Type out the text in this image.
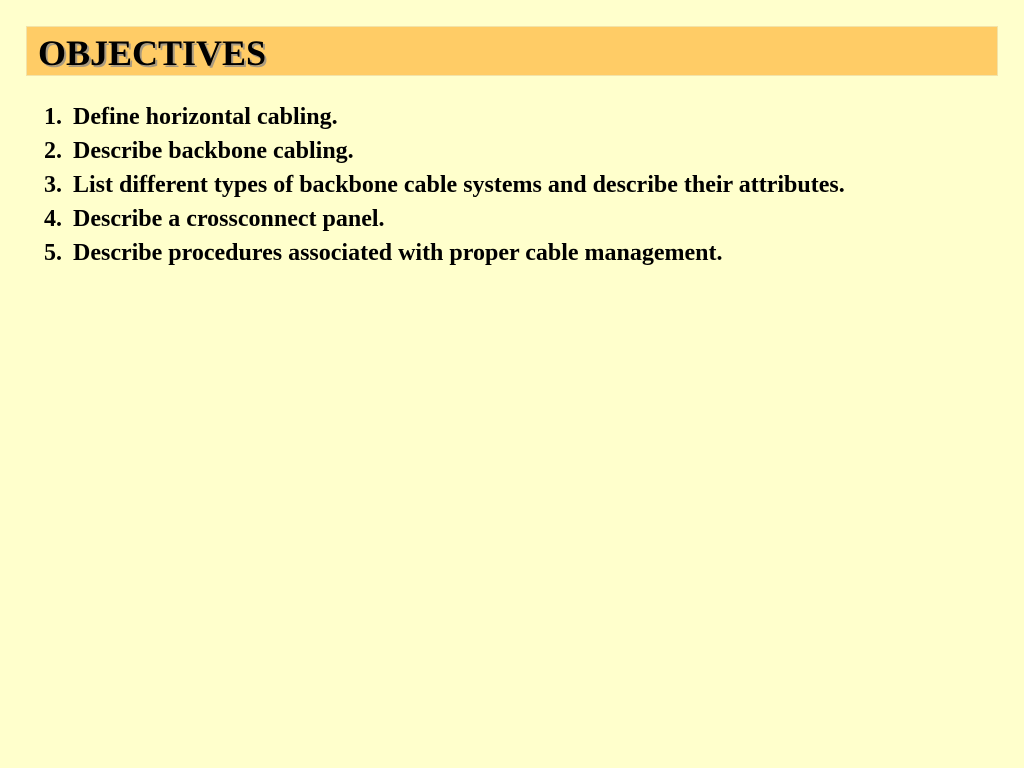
OBJECTIVES
1. Define horizontal cabling.
2. Describe backbone cabling.
3. List different types of backbone cable systems and describe their attributes.
4. Describe a crossconnect panel.
5. Describe procedures associated with proper cable management.
